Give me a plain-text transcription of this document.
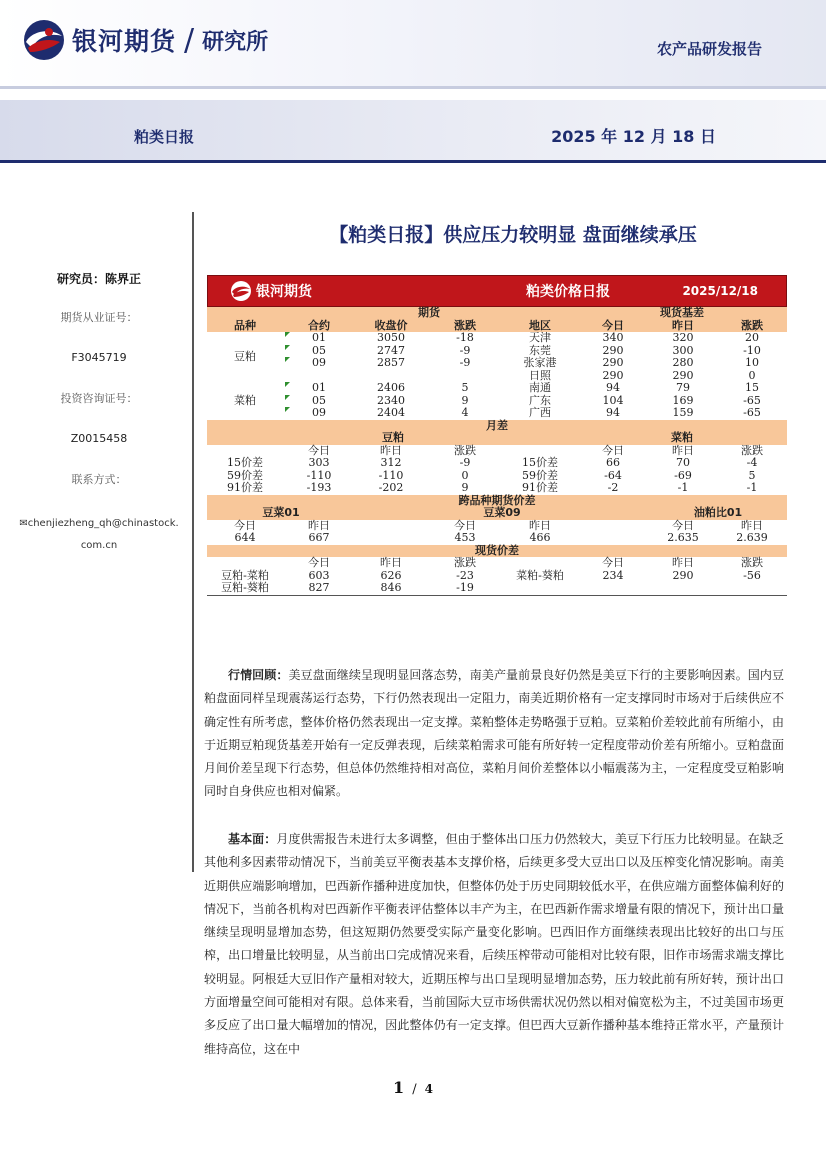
银河期货 / 研究所	农产品研发报告
粕类日报	2025 年 12 月 18 日
研究员：陈界正
期货从业证号：
F3045719
投资咨询证号：
Z0015458
联系方式：
✉chenjiezheng_qh@chinastock.com.cn
【粕类日报】供应压力较明显 盘面继续承压
银河期货	粕类价格日报	2025/12/18
		期货			现货基差		
品种	合约	收盘价	涨跌	地区	今日	昨日	涨跌
豆粕	01	3050	-18	天津	340	320	20
	05	2747	-9	东莞	290	300	-10
	09	2857	-9	张家港	290	280	10
				日照	290	290	0
菜粕	01	2406	5	南通	94	79	15
	05	2340	9	广东	104	169	-65
	09	2404	4	广西	94	159	-65
月差							
	豆粕				菜粕		
	今日	昨日	涨跌		今日	昨日	涨跌
15价差	303	312	-9	15价差	66	70	-4
59价差	-110	-110	0	59价差	-64	-69	5
91价差	-193	-202	9	91价差	-2	-1	-1
跨品种期货价差							
豆菜01			豆菜09			油粕比01	
今日	昨日		今日	昨日		今日	昨日
644	667		453	466		2.635	2.639
现货价差							
	今日	昨日	涨跌		今日	昨日	涨跌
豆粕-菜粕	603	626	-23	菜粕-葵粕	234	290	-56
豆粕-葵粕	827	846	-19				
行情回顾：美豆盘面继续呈现明显回落态势，南美产量前景良好仍然是美豆下行的主要影响因素。国内豆粕盘面同样呈现震荡运行态势，下行仍然表现出一定阻力，南美近期价格有一定支撑同时市场对于后续供应不确定性有所考虑，整体价格仍然表现出一定支撑。菜粕整体走势略强于豆粕。豆菜粕价差较此前有所缩小，由于近期豆粕现货基差开始有一定反弹表现，后续菜粕需求可能有所好转一定程度带动价差有所缩小。豆粕盘面月间价差呈现下行态势，但总体仍然维持相对高位，菜粕月间价差整体以小幅震荡为主，一定程度受豆粕影响同时自身供应也相对偏紧。
基本面：月度供需报告未进行太多调整，但由于整体出口压力仍然较大，美豆下行压力比较明显。在缺乏其他利多因素带动情况下，当前美豆平衡表基本支撑价格，后续更多受大豆出口以及压榨变化情况影响。南美近期供应端影响增加，巴西新作播种进度加快，但整体仍处于历史同期较低水平，在供应端方面整体偏利好的情况下，当前各机构对巴西新作平衡表评估整体以丰产为主，在巴西新作需求增量有限的情况下，预计出口量继续呈现明显增加态势，但这短期仍然要受实际产量变化影响。巴西旧作方面继续表现出比较好的出口与压榨，出口增量比较明显，从当前出口完成情况来看，后续压榨带动可能相对比较有限，旧作市场需求端支撑比较明显。阿根廷大豆旧作产量相对较大，近期压榨与出口呈现明显增加态势，压力较此前有所好转，预计出口方面增量空间可能相对有限。总体来看，当前国际大豆市场供需状况仍然以相对偏宽松为主，不过美国市场更多反应了出口量大幅增加的情况，因此整体仍有一定支撑。但巴西大豆新作播种基本维持正常水平，产量预计维持高位，这在中
1 / 4
